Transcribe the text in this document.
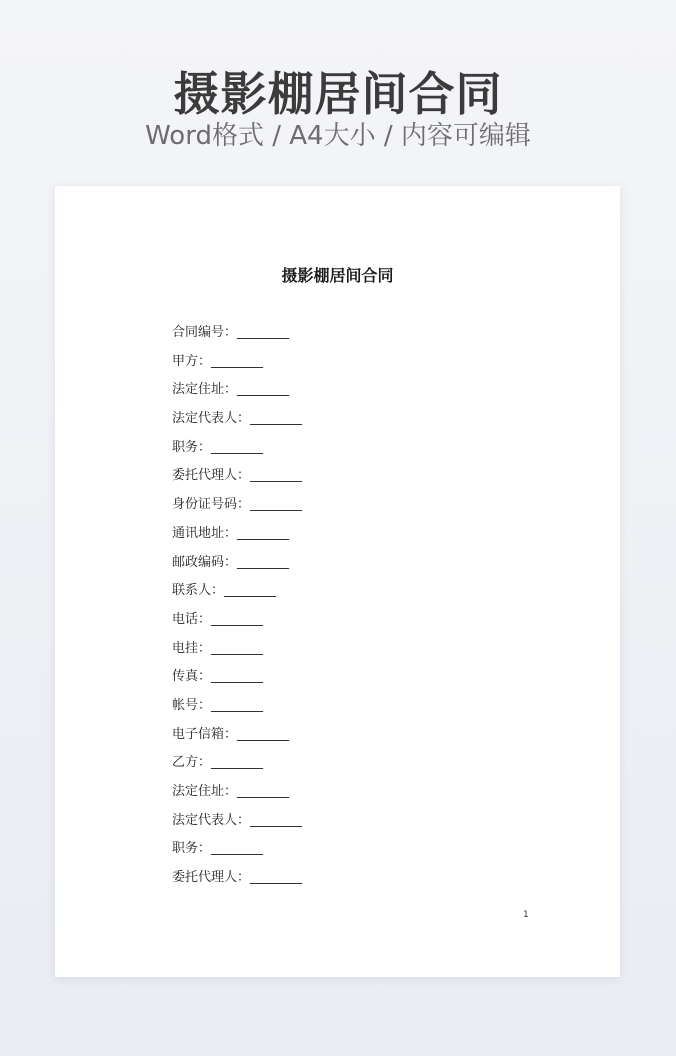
摄影棚居间合同
Word格式 / A4大小 / 内容可编辑
摄影棚居间合同
合同编号：________
甲方：________
法定住址：________
法定代表人：________
职务：________
委托代理人：________
身份证号码：________
通讯地址：________
邮政编码：________
联系人：________
电话：________
电挂：________
传真：________
帐号：________
电子信箱：________
乙方：________
法定住址：________
法定代表人：________
职务：________
委托代理人：________
1
